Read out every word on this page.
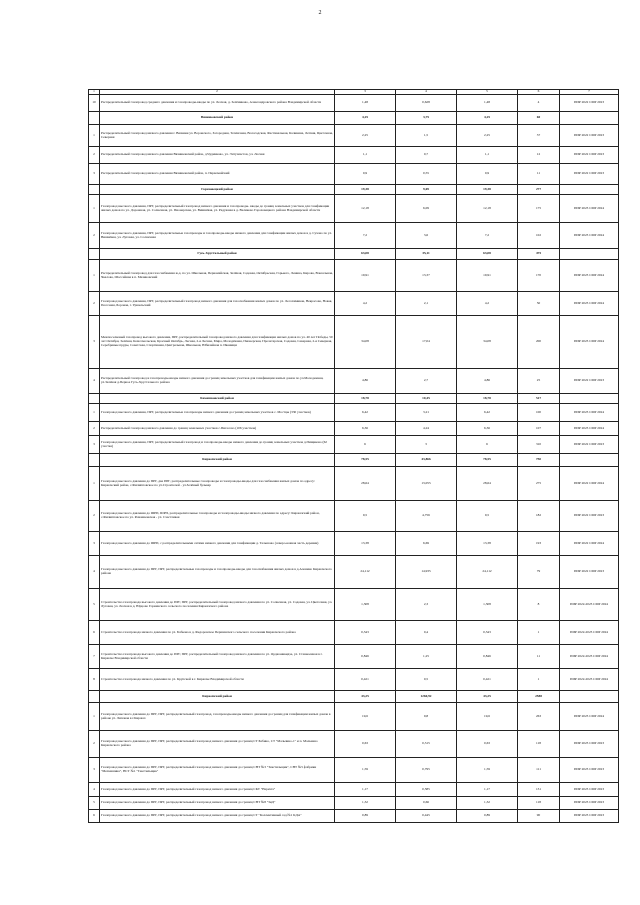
2
1	2	3	4	5	6	7
10	Распределительный газопровод среднего давления и газопроводы-вводы по ул. Лесная, д. Зелёниково, Александровского района Владимирской области	1,48	0,628	1,48	4	ПИР 2022 СМР 2023
	Вязниковский район	4,25	3,75	4,25	60	
1	Распределительный газопровод низкого давления г. Вязники ул. Воровского, Загородная, Тепличная, Вологодская, Фестивальная, Калинина, Летняя, Цветочная, Северная	2,25	1,5	2,25	37	ПИР 2022 СМР 2023
2	Распределительный газопровод низкого давления Вязниковский район, д.Чудинково, ул. Энтузиастов, ул. Лесная	1,1	0,7	1,1	12	ПИР 2022 СМР 2023
3	Распределительный газопровод низкого давления Вязниковский район, п. Первомайский	0,9	0,55	0,9	11	ПИР 2022 СМР 2023
	Гороховецкий район	19,38	9,69	19,38	277	
1	Газопровод высокого давления, ПРГ, распределительный газопровод низкого давления и газопроводы- вводы до границ земельных участков для газификации жилых домов по ул. Дорожная, ул. Солнечная, ул. Пионерская, ул. Вишнёвая, ул. Радужная в д. Великово Гороховецкого района Владимирской области	12,18	6,09	12,18	175	ПИР 2023 СМР 2024
2	Газопровод высокого давления, ПРГ, распределительные газопроводы и газопроводы-вводы низкого давления для газификации жилых домов в д. Сухово по ул. Вишнёвая, ул. Луговая, ул. Солнечная	7,2	3,6	7,2	102	ПИР 2023 СМР 2024
	Гусь-Хрустальный район	63,08	35,11	63,08	475	
1	Распределительный газопровод для газоснабжения ж.д. по ул. Школьная, Первомайская, Зелёная, Садовая, Октябрьская, Горького, Ленина, Кирова, Вокзальная, Чкалова, Шоссейная в п. Мезиновский	19,91	13,37	19,91	170	ПИР 2023 СМР 2024
2	Газопровод высокого давления, ПРГ, распределительный газопровод низкого давления для газоснабжения жилых домов по ул. Лесохимиков, Некрасова, Новая, Песочная, Боровая, г. Уршельский	4,2	2,1	4,2	50	ПИР 2023 СМР 2024
3	Межпоселковый газопровод высокого давления, ПРГ, распределительный газопровод низкого давления для газификации жилых домов по ул. 40 лет Победы, 50 лет Октября, Зелёная, Комсомольская, Красный Октябрь, Лесная, 2-я Лесная, Мира, Молодёжная, Пионерская, Пролетарская, Садовая, Северная, 2-я Северная, Серебряные пруды, Советская, Спортивная, Центральная, Школьная, Юбилейная п. Иванищи	34,08	17,04	34,08	200	ПИР 2023 СМР 2024
4	Распределительный газопровод и газопроводы-вводы низкого давления до границ земельных участков для газификации жилых домов по ул.Молодежная, ул.Зелёная д.Первое Гусь-Хрустального района	4,86	2,7	4,86	25	ПИР 2022 СМР 2023
	Камешковский район	18,78	10,45	18,78	517	
1	Газопровод высокого давления, ПРГ, распределительные газопроводы низкого давления до границ земельных участков с. Мостцы (330 участков)	6,42	3,21	6,42	100	ПИР 2023 СМР 2024
2	Распределительный газопровод низкого давления до границ земельных участков с.Пигасово (106 участков)	6,36	4,24	6,36	107	ПИР 2023 СМР 2024
3	Газопровод высокого давления, ПРГ, распределительный газопровод и газопроводы-вводы низкого давления до границ земельных участков д.Пищиково (62 участка)	6	3	6	310	ПИР 2022 СМР 2023
	Киржачский район	78,55	43,866	78,55	750	
1	Газопровод высокого давления до ПРГ, два ПРГ, распределительные газопроводы и газопроводы-вводы для газоснабжения жилых домов по адресу: Киржачский район, с.Филипповское по ул.Строителей - ул.Зелёный бульвар	28,64	13,055	28,64	275	ПИР 2022 СМР 2024
2	Газопровод высокого давления до ШРП, ШРП, распределительные газопроводы и газопроводы-вводы низкого давления по адресу: Киржачский район, с.Филипповское по ул. Ромашковская - ул. Счастливая	9,5	4,756	9,5	182	ПИР 2022 СМР 2023
3	Газопровод высокого давления до ШРП, с распределительными сетями низкого давления для газификации д. Тельшово (северо-южная часть деревни)	13,38	6,69	13,38	193	ПИР 2022 СМР 2024
4	Газопровод высокого давления до ПРГ, ПРГ, распределительные газопроводы и газопроводы-вводы для газоснабжения жилых домов в д.Аленино Киржачского района	24,112	14,935	24,112	79	ПИР 2022 СМР 2023
5	Строительство газопровода высокого давления до ПРГ, ПРГ, распределительный газопровод низкого давления по ул. Солнечная, ул. Садовая, ул. Цветочная, ул. Луговая, ул. Лесная в д. Юрцово Горкинского сельского поселения Киржачского района	1,308	2,3	1,308	8	ПИР 2022-2023 СМР 2024
6	Строительство газопровода низкого давления по ул. Бобкова в д. Федоровское Першинского сельского поселения Киржачского района	0,343	0,4	0,343	1	ПИР 2022-2023 СМР 2024
7	Строительство газопровода высокого давления до ПРГ, ПРГ, распределительный газопровод низкого давления по ул. Орджоникидзе, ул. Станкоенная в г. Киржаче Владимирской области	0,846	1,25	0,846	11	ПИР 2022-2023 СМР 2024
8	Строительство газопровода низкого давления по ул. Крупской в г. Киржаче Владимирской области	0,421	0,5	0,421	1	ПИР 2022-2023 СМР 2024
	Киржачский район	43,25	1260,92	43,25	2588	
1	Газопровод высокого давления до ПРГ, ПРГ, распределительный газопровод, газопроводы-вводы низкого давления до границ для газификации жилых домов в районе ул. Липовая в г.Киржач	19,6	9,8	19,6	263	ПИР 2023 СМР 2024
2	Газопровод высокого давления до ПРГ, ПРГ, распределительный газопровод низкого давления до границ СТ Бабино, СТ "Мальчино-1" и п. Мальчино Киржачского района	0,63	0,315	0,63	118	ПИР 2023 СМР 2023
3	Газопровод высокого давления до ПРГ, ПРГ, распределительный газопровод низкого давления до границ СНТ №3 "Текстильщик", СНТ №5 фабрики "Мехмашина", НСТ №1 "Текстильщик"	1,59	0,795	1,59	111	ПИР 2023 СМР 2023
4	Газопровод высокого давления до ПРГ, ПРГ, распределительный газопровод низкого давления до границ СКТ "Нерехта"	1,17	0,585	1,17	131	ПИР 2023 СМР 2023
5	Газопровод высокого давления до ПРГ, ПРГ, распределительный газопровод низкого давления до границ СНТ №8 "ЗиД"	1,32	0,66	1,32	118	ПИР 2023 СМР 2023
6	Газопровод высокого давления до ПРГ, ПРГ, распределительный газопровод низкого давления до границ СТ "Коллективный сад №1 КДА"	0,89	0,445	0,89	90	ПИР 2023 СМР 2023
